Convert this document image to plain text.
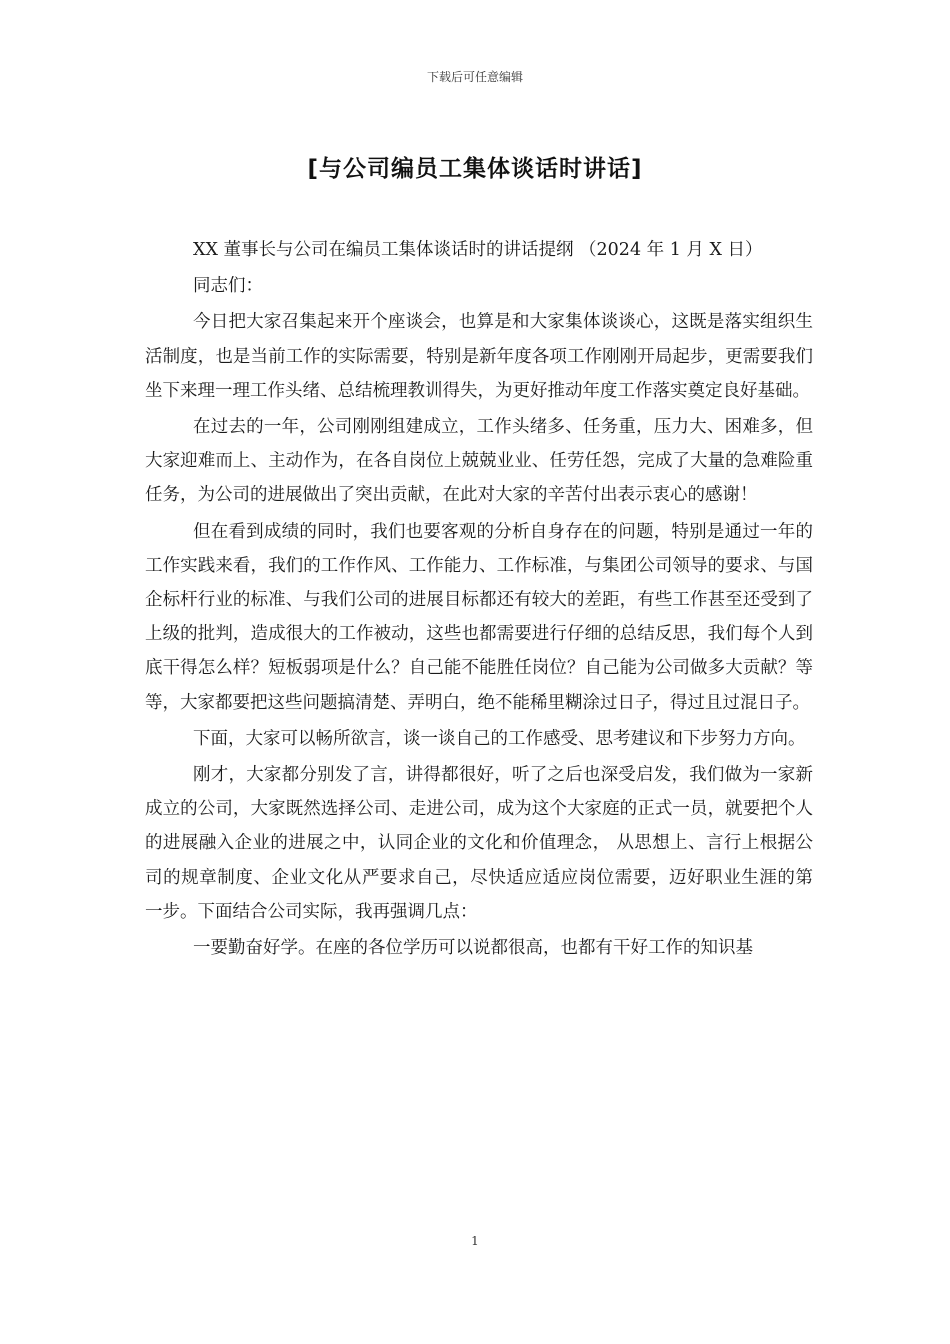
下载后可任意编辑
[与公司编员工集体谈话时讲话]

XX 董事长与公司在编员工集体谈话时的讲话提纲 （2024 年 1 月 X 日）

同志们：

今日把大家召集起来开个座谈会，也算是和大家集体谈谈心，这既是落实组织生活制度，也是当前工作的实际需要，特别是新年度各项工作刚刚开局起步，更需要我们坐下来理一理工作头绪、总结梳理教训得失，为更好推动年度工作落实奠定良好基础。

在过去的一年，公司刚刚组建成立，工作头绪多、任务重，压力大、困难多，但大家迎难而上、主动作为，在各自岗位上兢兢业业、任劳任怨，完成了大量的急难险重任务，为公司的进展做出了突出贡献，在此对大家的辛苦付出表示衷心的感谢！

但在看到成绩的同时，我们也要客观的分析自身存在的问题，特别是通过一年的工作实践来看，我们的工作作风、工作能力、工作标准，与集团公司领导的要求、与国企标杆行业的标准、与我们公司的进展目标都还有较大的差距，有些工作甚至还受到了上级的批判，造成很大的工作被动，这些也都需要进行仔细的总结反思，我们每个人到底干得怎么样？短板弱项是什么？自己能不能胜任岗位？自己能为公司做多大贡献？等等，大家都要把这些问题搞清楚、弄明白，绝不能稀里糊涂过日子，得过且过混日子。

下面，大家可以畅所欲言，谈一谈自己的工作感受、思考建议和下步努力方向。

刚才，大家都分别发了言，讲得都很好，听了之后也深受启发，我们做为一家新成立的公司，大家既然选择公司、走进公司，成为这个大家庭的正式一员，就要把个人的进展融入企业的进展之中，认同企业的文化和价值理念， 从思想上、言行上根据公司的规章制度、企业文化从严要求自己，尽快适应适应岗位需要，迈好职业生涯的第 一步。下面结合公司实际，我再强调几点：

一要勤奋好学。在座的各位学历可以说都很高，也都有干好工作的知识基

1
